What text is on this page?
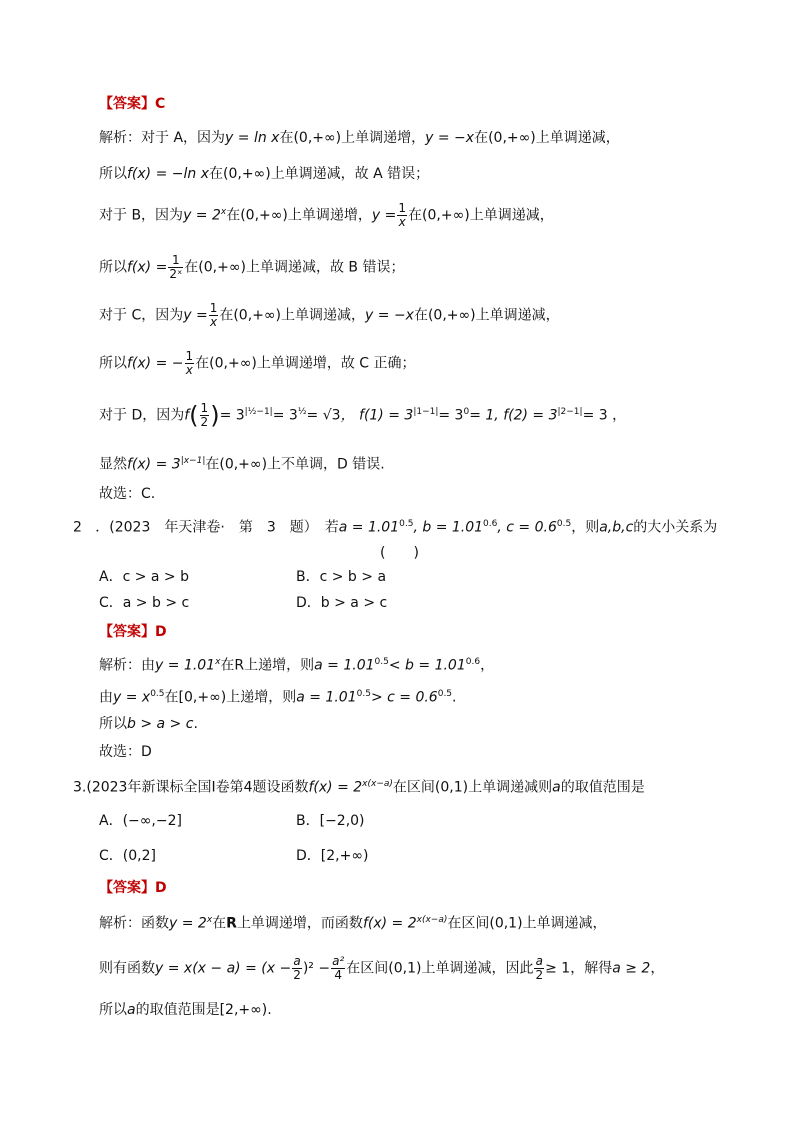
【答案】C
解析：对于 A，因为y = ln x在(0,+∞)上单调递增，y = −x在(0,+∞)上单调递减，
所以f(x) = −ln x在(0,+∞)上单调递减，故 A 错误；
对于 B，因为$y = 2^x$在(0,+∞)上单调递增，$y = \frac{1}{x}$ 在(0,+∞)上单调递减，
所以$f(x) = \frac{1}{\text{2ˣ}}$ 在(0,+∞)上单调递减，故 B 错误；
对于 C，因为$y = \frac{1}{x}$ 在(0,+∞)上单调递减，y = −x在(0,+∞)上单调递减，
所以f(x) = − $\frac{1}{x}$ 在(0,+∞)上单调递增，故 C 正确；
对于 D，因为$f( \frac{1}{2}$ )= $3^{|\frac{1}{2}-1|}= 3^{\frac{1}{2}}= √3$， $f(1) = 3^{|1-1|}= 3^0= 1$, $f(2) = 3^{|2-1|}= 3$ ，
显然$f(x) = 3^{|x-1|}$在(0,+∞)上不单调，D 错误.
故选：C.
2 ．(2023　年天津卷·　第　3　题）　若$a = 1.01^{0.5}$, $b = 1.01^{0.6}$, $c = 0.6^{0.5}$，则a,b,c的大小关系为
(　　)
A．c > a > b	B．c > b > a
C．a > b > c	D．b > a > c
【答案】D
解析：由$y = 1.01^x$在R上递增，则$a = 1.01^{0.5}< b = 1.01^{0.6}$，
由$y = x^{0.5}$在[0,+∞)上递增，则$a = 1.01^{0.5}> c = 0.6^{0.5}$.
所以b > a > c.
故选：D
3.(2023年新课标全国Ⅰ卷第4题设函数$f(x) = 2^{x(x-a)}$在区间(0,1)上单调递减则a的取值范围是
A．(−∞,−2]	B．[−2,0)
C．(0,2]	D．[2,+∞)
【答案】D
解析：函数$y = 2^x$在R上单调递增，而函数$f(x) = 2^{x(x-a)}$在区间(0,1)上单调递减，
则有函数$y = x(x - a) = (x - \frac{a}{2} )^2 - \frac{\text{a²}}{4}$ 在区间(0,1)上单调递减，因此 $\frac{a}{2} \ge 1$，解得a ≥ 2，
所以a的取值范围是[2,+∞).
